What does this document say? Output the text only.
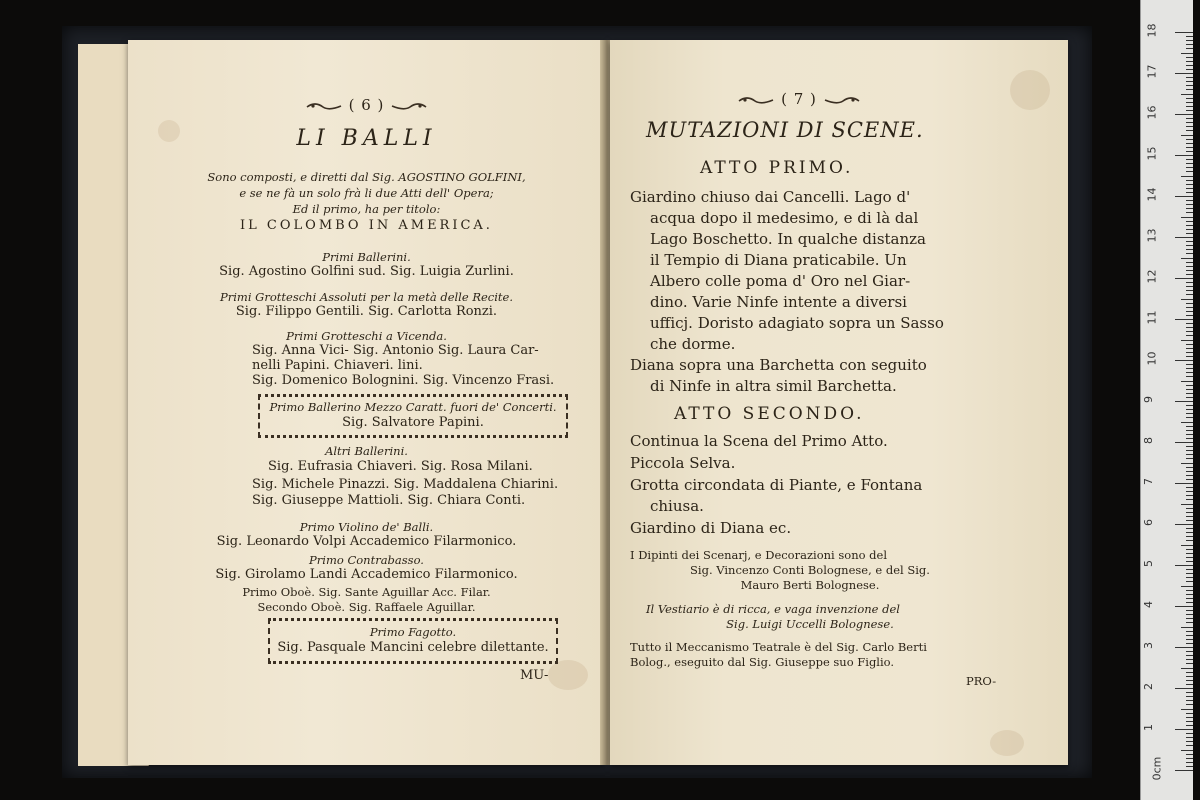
( 6 )
LI BALLI
Sono composti, e diretti dal Sig. AGOSTINO GOLFINI,
e se ne fà un solo frà li due Atti dell' Opera;
Ed il primo, ha per titolo:
IL COLOMBO IN AMERICA.
Primi Ballerini.
Sig. Agostino Golfini sud. Sig. Luigia Zurlini.
Primi Grotteschi Assoluti per la metà delle Recite.
Sig. Filippo Gentili. Sig. Carlotta Ronzi.
Primi Grotteschi a Vicenda.
Sig. Anna Vici- Sig. Antonio Sig. Laura Car-
nelli Papini. Chiaveri. lini.
Sig. Domenico Bolognini. Sig. Vincenzo Frasi.
Primo Ballerino Mezzo Caratt. fuori de' Concerti.
Sig. Salvatore Papini.
Altri Ballerini.
Sig. Eufrasia Chiaveri. Sig. Rosa Milani.
Sig. Michele Pinazzi. Sig. Maddalena Chiarini.
Sig. Giuseppe Mattioli. Sig. Chiara Conti.
Primo Violino de' Balli.
Sig. Leonardo Volpi Accademico Filarmonico.
Primo Contrabasso.
Sig. Girolamo Landi Accademico Filarmonico.
Primo Oboè. Sig. Sante Aguillar Acc. Filar.
Secondo Oboè. Sig. Raffaele Aguillar.
Primo Fagotto.
Sig. Pasquale Mancini celebre dilettante.
MU-
( 7 )
MUTAZIONI DI SCENE.
ATTO PRIMO.
Giardino chiuso dai Cancelli. Lago d'
acqua dopo il medesimo, e di là dal
Lago Boschetto. In qualche distanza
il Tempio di Diana praticabile. Un
Albero colle poma d' Oro nel Giar-
dino. Varie Ninfe intente a diversi
ufficj. Doristo adagiato sopra un Sasso
che dorme.
Diana sopra una Barchetta con seguito
di Ninfe in altra simil Barchetta.
ATTO SECONDO.
Continua la Scena del Primo Atto.
Piccola Selva.
Grotta circondata di Piante, e Fontana
chiusa.
Giardino di Diana ec.
I Dipinti dei Scenarj, e Decorazioni sono del
Sig. Vincenzo Conti Bolognese, e del Sig.
Mauro Berti Bolognese.
Il Vestiario è di ricca, e vaga invenzione del
Sig. Luigi Uccelli Bolognese.
Tutto il Meccanismo Teatrale è del Sig. Carlo Berti
Bolog., eseguito dal Sig. Giuseppe suo Figlio.
PRO-
0cm
1
2
3
4
5
6
7
8
9
10
11
12
13
14
15
16
17
18
